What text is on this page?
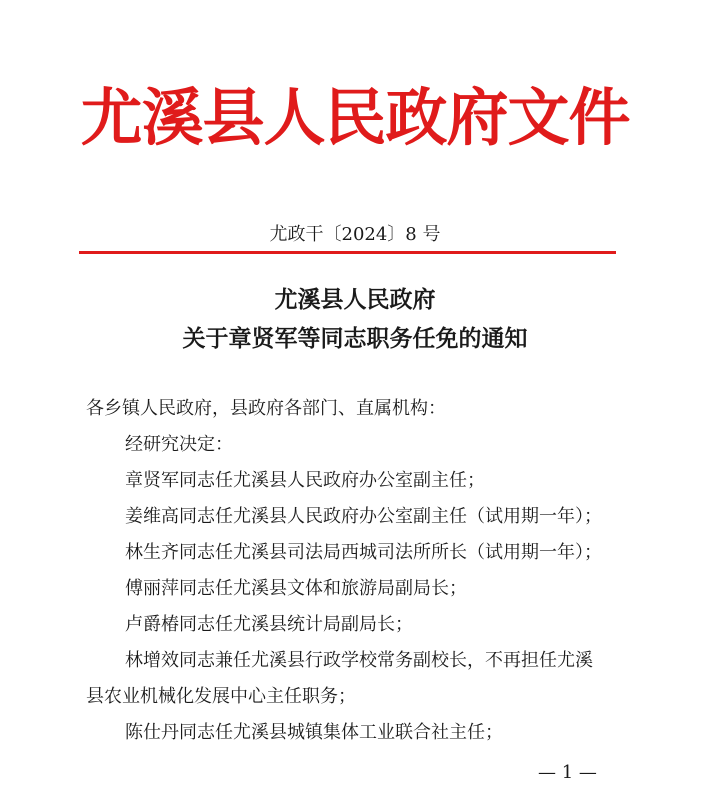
尤溪县人民政府文件
尤政干〔2024〕8 号
尤溪县人民政府
关于章贤军等同志职务任免的通知
各乡镇人民政府，县政府各部门、直属机构：
经研究决定：
章贤军同志任尤溪县人民政府办公室副主任；
姜维高同志任尤溪县人民政府办公室副主任（试用期一年）；
林生齐同志任尤溪县司法局西城司法所所长（试用期一年）；
傅丽萍同志任尤溪县文体和旅游局副局长；
卢爵椿同志任尤溪县统计局副局长；
林增效同志兼任尤溪县行政学校常务副校长，不再担任尤溪
县农业机械化发展中心主任职务；
陈仕丹同志任尤溪县城镇集体工业联合社主任；
— 1 —
